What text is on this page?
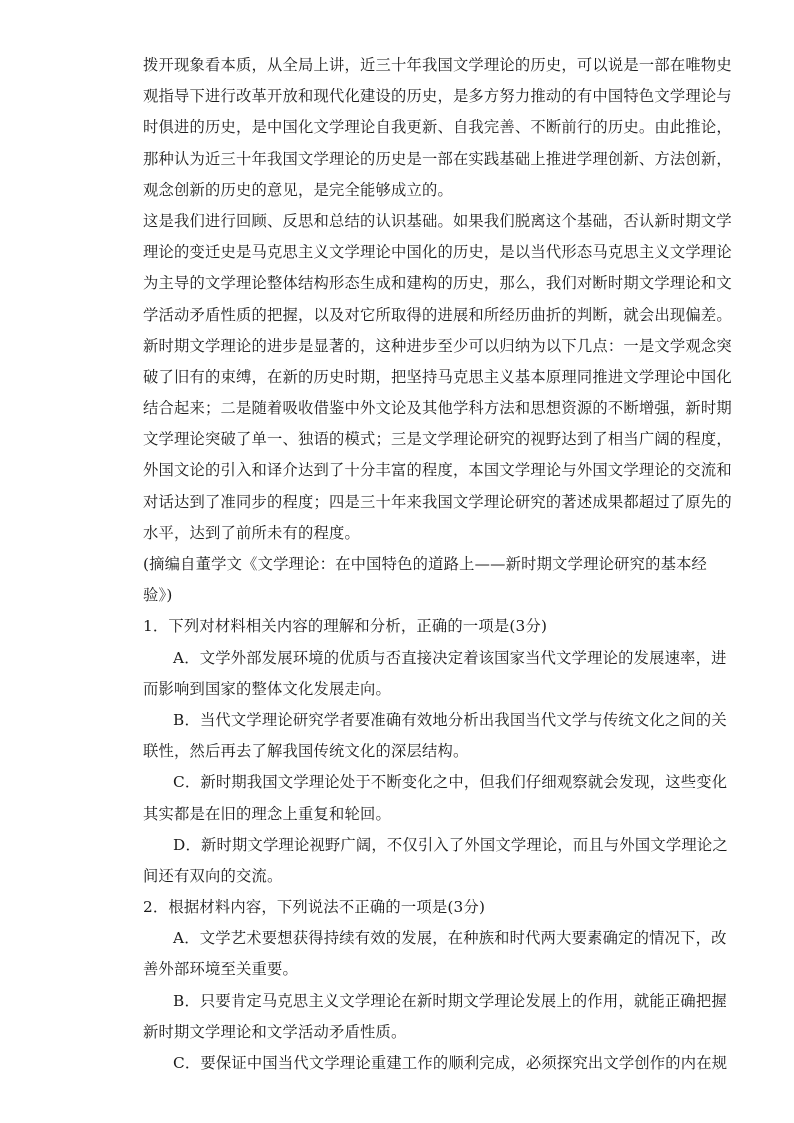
拨开现象看本质，从全局上讲，近三十年我国文学理论的历史，可以说是一部在唯物史
观指导下进行改革开放和现代化建设的历史，是多方努力推动的有中国特色文学理论与
时俱进的历史，是中国化文学理论自我更新、自我完善、不断前行的历史。由此推论，
那种认为近三十年我国文学理论的历史是一部在实践基础上推进学理创新、方法创新，
观念创新的历史的意见，是完全能够成立的。
这是我们进行回顾、反思和总结的认识基础。如果我们脱离这个基础，否认新时期文学
理论的变迁史是马克思主义文学理论中国化的历史，是以当代形态马克思主义文学理论
为主导的文学理论整体结构形态生成和建构的历史，那么，我们对断时期文学理论和文
学活动矛盾性质的把握，以及对它所取得的进展和所经历曲折的判断，就会出现偏差。
新时期文学理论的进步是显著的，这种进步至少可以归纳为以下几点：一是文学观念突
破了旧有的束缚，在新的历史时期，把坚持马克思主义基本原理同推进文学理论中国化
结合起来；二是随着吸收借鉴中外文论及其他学科方法和思想资源的不断增强，新时期
文学理论突破了单一、独语的模式；三是文学理论研究的视野达到了相当广阔的程度，
外国文论的引入和译介达到了十分丰富的程度，本国文学理论与外国文学理论的交流和
对话达到了准同步的程度；四是三十年来我国文学理论研究的著述成果都超过了原先的
水平，达到了前所未有的程度。
(摘编自董学文《文学理论：在中国特色的道路上——新时期文学理论研究的基本经
验》)
1．下列对材料相关内容的理解和分析，正确的一项是(3分)
A．文学外部发展环境的优质与否直接决定着该国家当代文学理论的发展速率，进
而影响到国家的整体文化发展走向。
B．当代文学理论研究学者要准确有效地分析出我国当代文学与传统文化之间的关
联性，然后再去了解我国传统文化的深层结构。
C．新时期我国文学理论处于不断变化之中，但我们仔细观察就会发现，这些变化
其实都是在旧的理念上重复和轮回。
D．新时期文学理论视野广阔，不仅引入了外国文学理论，而且与外国文学理论之
间还有双向的交流。
2．根据材料内容，下列说法不正确的一项是(3分)
A．文学艺术要想获得持续有效的发展，在种族和时代两大要素确定的情况下，改
善外部环境至关重要。
B．只要肯定马克思主义文学理论在新时期文学理论发展上的作用，就能正确把握
新时期文学理论和文学活动矛盾性质。
C．要保证中国当代文学理论重建工作的顺利完成，必须探究出文学创作的内在规
